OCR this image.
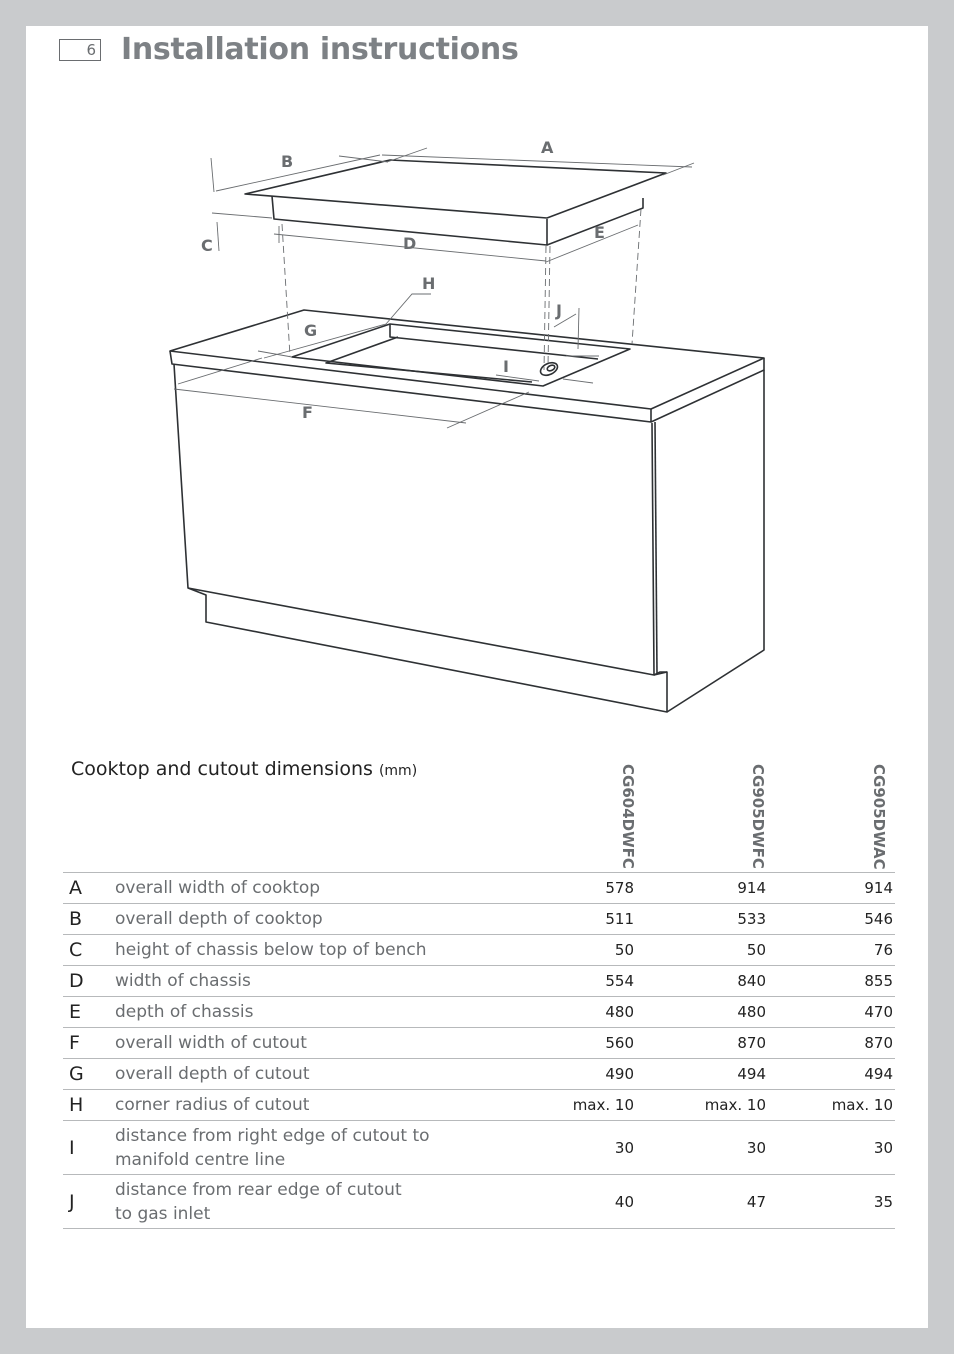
6 Installation instructions
A
B
C	D
E
F
G
H
I
J
Cooktop and cutout dimensions (mm)	CG604DWFC	CG905DWFC	CG905DWAC
A	overall width of cooktop	578	914	914
B	overall depth of cooktop	511	533	546
C	height of chassis below top of bench	50	50	76
D	width of chassis	554	840	855
E	depth of chassis	480	480	470
F	overall width of cutout	560	870	870
G	overall depth of cutout	490	494	494
H	corner radius of cutout	max. 10	max. 10	max. 10
I	distance from right edge of cutout to
manifold centre line	30	30	30
J	distance from rear edge of cutout
to gas inlet	40	47	35
